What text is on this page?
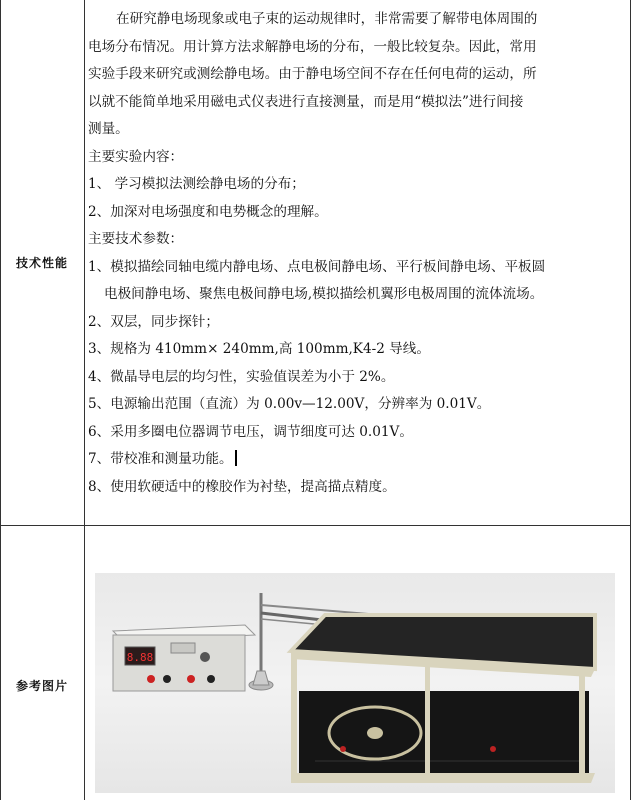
技术性能
参考图片

在研究静电场现象或电子束的运动规律时，非常需要了解带电体周围的

电场分布情况。用计算方法求解静电场的分布，一般比较复杂。因此，常用

实验手段来研究或测绘静电场。由于静电场空间不存在任何电荷的运动，所

以就不能简单地采用磁电式仪表进行直接测量，而是用“模拟法”进行间接

测量。

主要实验内容：

1、 学习模拟法测绘静电场的分布；

2、加深对电场强度和电势概念的理解。

主要技术参数：

1、模拟描绘同轴电缆内静电场、点电极间静电场、平行板间静电场、平板圆

电极间静电场、聚焦电极间静电场,模拟描绘机翼形电极周围的流体流场。

2、双层，同步探针；

3、规格为 410mm× 240mm,高 100mm,K4-2 导线。

4、微晶导电层的均匀性，实验值误差为小于 2%。

5、电源输出范围（直流）为 0.00v—12.00V，分辨率为 0.01V。

6、采用多圈电位器调节电压，调节细度可达 0.01V。

7、带校准和测量功能。

8、使用软硬适中的橡胶作为衬垫，提高描点精度。

8.88
